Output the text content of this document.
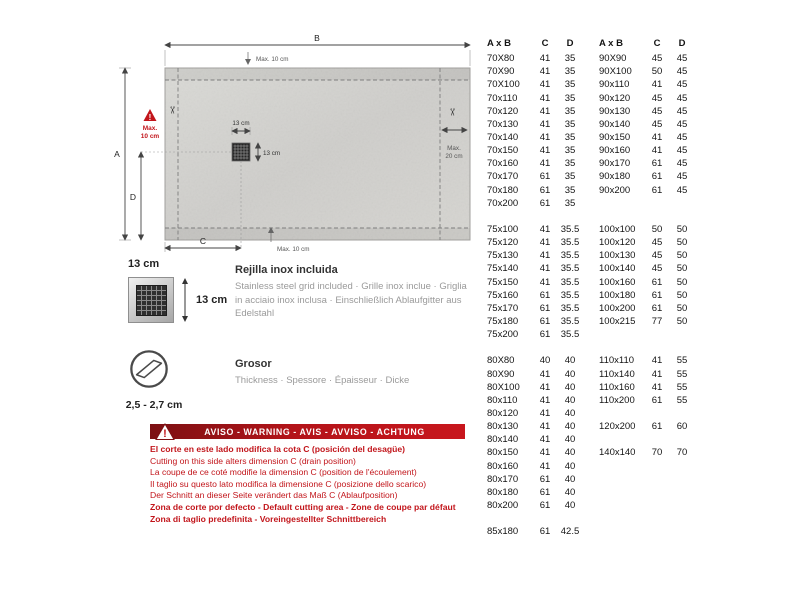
B
A
Max. 10 cm
✂	✂
!
Max.
10 cm
D
13 cm
13 cm
Max.
20 cm
C
Max. 10 cm
13 cm
13 cm
Rejilla inox incluida
Stainless steel grid included · Grille inox inclue · Griglia in acciaio inox inclusa · Einschließlich Ablaufgitter aus Edelstahl
2,5 - 2,7 cm
Grosor
Thickness · Spessore · Épaisseur · Dicke
!	AVISO - WARNING - AVIS - AVVISO - ACHTUNG
El corte en este lado modifica la cota C (posición del desagüe)
Cutting on this side alters dimension C (drain position)
La coupe de ce coté modifie la dimension C (position de l'écoulement)
Il taglio su questo lato modifica la dimensione C (posizione dello scarico)
Der Schnitt an dieser Seite verändert das Maß C (Ablaufposition)
Zona de corte por defecto - Default cutting area - Zone de coupe par défaut
Zona di taglio predefinita - Voreingestellter Schnittbereich
A x B	C	D
70X80	41	35
70X90	41	35
70X100	41	35
70x110	41	35
70x120	41	35
70x130	41	35
70x140	41	35
70x150	41	35
70x160	41	35
70x170	61	35
70x180	61	35
70x200	61	35
75x100	41	35.5
75x120	41	35.5
75x130	41	35.5
75x140	41	35.5
75x150	41	35.5
75x160	61	35.5
75x170	61	35.5
75x180	61	35.5
75x200	61	35.5
80X80	40	40
80X90	41	40
80X100	41	40
80x110	41	40
80x120	41	40
80x130	41	40
80x140	41	40
80x150	41	40
80x160	41	40
80x170	61	40
80x180	61	40
80x200	61	40
85x180	61	42.5
A x B	C	D
90X90	45	45
90X100	50	45
90x110	41	45
90x120	45	45
90x130	45	45
90x140	45	45
90x150	41	45
90x160	41	45
90x170	61	45
90x180	61	45
90x200	61	45
100x100	50	50
100x120	45	50
100x130	45	50
100x140	45	50
100x160	61	50
100x180	61	50
100x200	61	50
100x215	77	50
110x110	41	55
110x140	41	55
110x160	41	55
110x200	61	55
120x200	61	60
140x140	70	70
